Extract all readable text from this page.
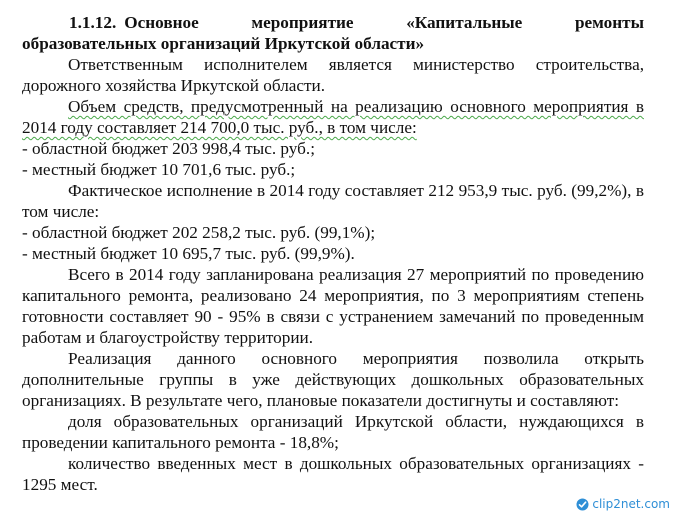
1.1.12. Основное мероприятие «Капитальные ремонты
образовательных организаций Иркутской области»

Ответственным исполнителем является министерство строительства, дорожного хозяйства Иркутской области.

Объем средств, предусмотренный на реализацию основного мероприятия в 2014 году составляет 214 700,0 тыс. руб., в том числе:

- областной бюджет 203 998,4 тыс. руб.;

- местный бюджет 10 701,6 тыс. руб.;

Фактическое исполнение в 2014 году составляет 212 953,9 тыс. руб. (99,2%), в том числе:

- областной бюджет 202 258,2 тыс. руб. (99,1%);

- местный бюджет 10 695,7 тыс. руб. (99,9%).

Всего в 2014 году запланирована реализация 27 мероприятий по проведению капитального ремонта, реализовано 24 мероприятия, по 3 мероприятиям степень готовности составляет 90 - 95% в связи с устранением замечаний по проведенным работам и благоустройству территории.

Реализация данного основного мероприятия позволила открыть дополнительные группы в уже действующих дошкольных образовательных организациях. В результате чего, плановые показатели достигнуты и составляют:

доля образовательных организаций Иркутской области, нуждающихся в проведении капитального ремонта - 18,8%;

количество введенных мест в дошкольных образовательных организациях - 1295 мест.

clip2net.com
